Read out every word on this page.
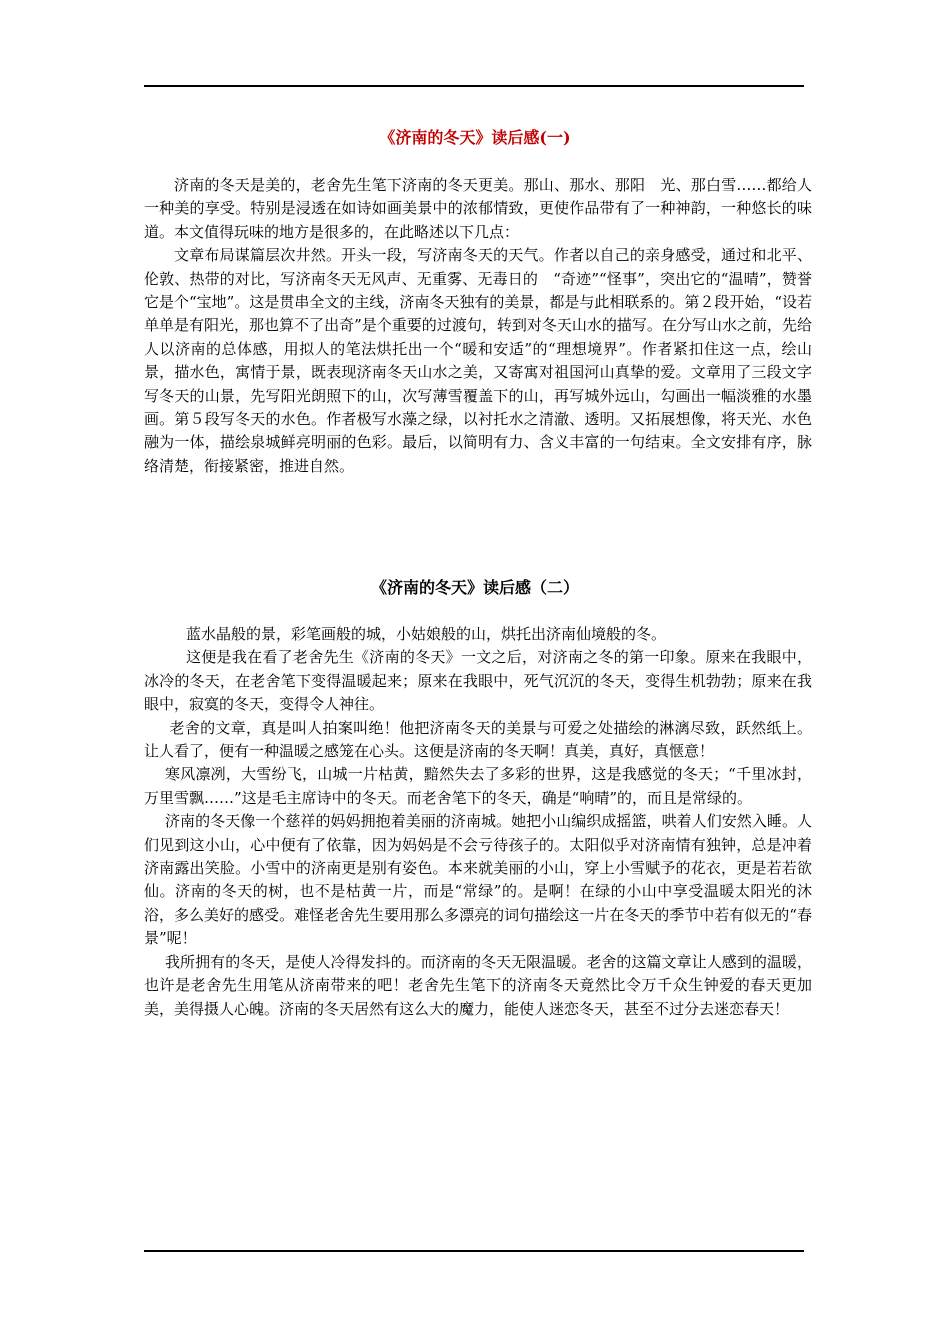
《济南的冬天》读后感(一)

济南的冬天是美的，老舍先生笔下济南的冬天更美。那山、那水、那阳　光、那白雪……都给人一种美的享受。特别是浸透在如诗如画美景中的浓郁情致，更使作品带有了一种神韵，一种悠长的味道。本文值得玩味的地方是很多的，在此略述以下几点：

文章布局谋篇层次井然。开头一段，写济南冬天的天气。作者以自己的亲身感受，通过和北平、伦敦、热带的对比，写济南冬天无风声、无重雾、无毒日的　“奇迹”“怪事”，突出它的“温晴”，赞誉它是个“宝地”。这是贯串全文的主线，济南冬天独有的美景，都是与此相联系的。第２段开始，“设若单单是有阳光，那也算不了出奇”是个重要的过渡句，转到对冬天山水的描写。在分写山水之前，先给人以济南的总体感，用拟人的笔法烘托出一个“暖和安适”的“理想境界”。作者紧扣住这一点，绘山景，描水色，寓情于景，既表现济南冬天山水之美，又寄寓对祖国河山真挚的爱。文章用了三段文字写冬天的山景，先写阳光朗照下的山，次写薄雪覆盖下的山，再写城外远山，勾画出一幅淡雅的水墨画。第５段写冬天的水色。作者极写水藻之绿，以衬托水之清澈、透明。又拓展想像，将天光、水色融为一体，描绘泉城鲜亮明丽的色彩。最后，以简明有力、含义丰富的一句结束。全文安排有序，脉络清楚，衔接紧密，推进自然。

《济南的冬天》读后感（二）

蓝水晶般的景，彩笔画般的城，小姑娘般的山，烘托出济南仙境般的冬。

这便是我在看了老舍先生《济南的冬天》一文之后，对济南之冬的第一印象。原来在我眼中，冰冷的冬天，在老舍笔下变得温暖起来；原来在我眼中，死气沉沉的冬天，变得生机勃勃；原来在我眼中，寂寞的冬天，变得令人神往。

老舍的文章，真是叫人拍案叫绝！他把济南冬天的美景与可爱之处描绘的淋漓尽致，跃然纸上。让人看了，便有一种温暖之感笼在心头。这便是济南的冬天啊！真美，真好，真惬意！

寒风凛冽，大雪纷飞，山城一片枯黄，黯然失去了多彩的世界，这是我感觉的冬天；“千里冰封，万里雪飘……”这是毛主席诗中的冬天。而老舍笔下的冬天，确是“响晴”的，而且是常绿的。

济南的冬天像一个慈祥的妈妈拥抱着美丽的济南城。她把小山编织成摇篮，哄着人们安然入睡。人们见到这小山，心中便有了依靠，因为妈妈是不会亏待孩子的。太阳似乎对济南情有独钟，总是冲着济南露出笑脸。小雪中的济南更是别有姿色。本来就美丽的小山，穿上小雪赋予的花衣，更是若若欲仙。济南的冬天的树，也不是枯黄一片，而是“常绿”的。是啊！在绿的小山中享受温暖太阳光的沐浴，多么美好的感受。难怪老舍先生要用那么多漂亮的词句描绘这一片在冬天的季节中若有似无的“春景”呢！

我所拥有的冬天，是使人冷得发抖的。而济南的冬天无限温暖。老舍的这篇文章让人感到的温暖，也许是老舍先生用笔从济南带来的吧！老舍先生笔下的济南冬天竟然比令万千众生钟爱的春天更加美，美得摄人心魄。济南的冬天居然有这么大的魔力，能使人迷恋冬天，甚至不过分去迷恋春天！
